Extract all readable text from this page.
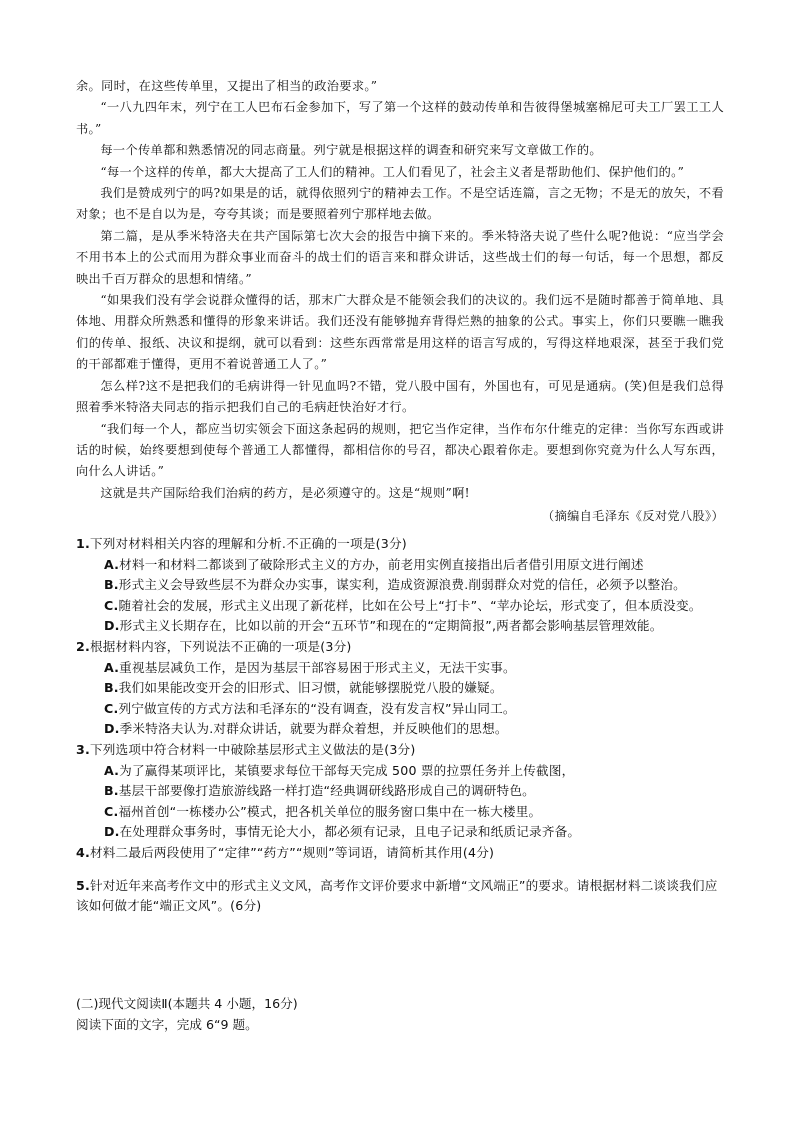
余。同时，在这些传单里，又提出了相当的政治要求。”

“一八九四年末，列宁在工人巴布石金参加下，写了第一个这样的鼓动传单和告彼得堡城塞棉尼可夫工厂罢工工人书。”

每一个传单都和熟悉情况的同志商量。列宁就是根据这样的调查和研究来写文章做工作的。

“每一个这样的传单，都大大提高了工人们的精神。工人们看见了，社会主义者是帮助他们、保护他们的。”

我们是赞成列宁的吗?如果是的话，就得依照列宁的精神去工作。不是空话连篇，言之无物；不是无的放矢，不看对象；也不是自以为是，夸夸其谈；而是要照着列宁那样地去做。

第二篇，是从季米特洛夫在共产国际第七次大会的报告中摘下来的。季米特洛夫说了些什么呢?他说：“应当学会不用书本上的公式而用为群众事业而奋斗的战士们的语言来和群众讲话，这些战士们的每一句话，每一个思想，都反映出千百万群众的思想和情绪。”

“如果我们没有学会说群众懂得的话，那末广大群众是不能领会我们的决议的。我们远不是随时都善于简单地、具体地、用群众所熟悉和懂得的形象来讲话。我们还没有能够抛弃背得烂熟的抽象的公式。事实上，你们只要瞧一瞧我们的传单、报纸、决议和提纲，就可以看到：这些东西常常是用这样的语言写成的，写得这样地艰深，甚至于我们党的干部都难于懂得，更用不着说普通工人了。”

怎么样?这不是把我们的毛病讲得一针见血吗?不错，党八股中国有，外国也有，可见是通病。(笑)但是我们总得照着季米特洛夫同志的指示把我们自己的毛病赶快治好才行。

“我们每一个人，都应当切实领会下面这条起码的规则，把它当作定律，当作布尔什维克的定律：当你写东西或讲话的时候，始终要想到使每个普通工人都懂得，都相信你的号召，都决心跟着你走。要想到你究竟为什么人写东西，向什么人讲话。”

这就是共产国际给我们治病的药方，是必须遵守的。这是“规则”啊!

（摘编自毛泽东《反对党八股》）

1.下列对材料相关内容的理解和分析.不正确的一项是(3分)

A.材料一和材料二都谈到了破除形式主义的方办，前老用实例直接指出后者借引用原文进行阐述

B.形式主义会导致些层不为群众办实事，谋实利，造成资源浪费.削弱群众对党的信任，必须予以整治。

C.随着社会的发展，形式主义出现了新花样，比如在公号上“打卡”、“苹办论坛，形式变了，但本质没变。

D.形式主义长期存在，比如以前的开会“五环节”和现在的“定期简报”,两者都会影响基层管理效能。

2.根据材料内容，下列说法不正确的一项是(3分)

A.重视基层减负工作，是因为基层干部容易困于形式主义，无法干实事。

B.我们如果能改变开会的旧形式、旧习惯，就能够摆脱党八股的嫌疑。

C.列宁做宣传的方式方法和毛泽东的“没有调查，没有发言权”异山同工。

D.季米特洛夫认为.对群众讲话，就要为群众着想，并反映他们的思想。

3.下列选项中符合材料一中破除基层形式主义做法的是(3分)

A.为了赢得某项评比，某镇要求每位干部每天完成 500 票的拉票任务并上传截图，

B.基层干部要像打造旅游线路一样打造“经典调研线路形成自己的调研特色。

C.福州首创“一栋楼办公”模式，把各机关单位的服务窗口集中在一栋大楼里。

D.在处理群众事务时，事情无论大小，都必须有记录，且电子记录和纸质记录齐备。

4.材料二最后两段使用了“定律”“药方”“规则”等词语，请简析其作用(4分)

5.针对近年来高考作文中的形式主义文风，高考作文评价要求中新增“文风端正”的要求。请根据材料二谈谈我们应该如何做才能“端正文风”。(6分)

(二)现代文阅读Ⅱ(本题共 4 小题，16分)

阅读下面的文字，完成 6“9 题。
